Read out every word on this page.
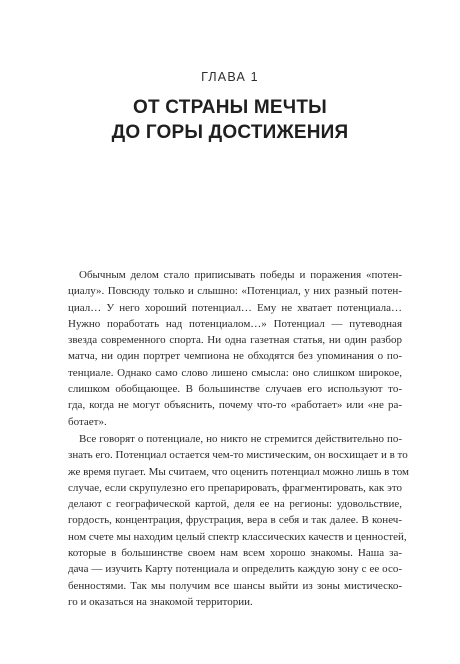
ГЛАВА 1
ОТ СТРАНЫ МЕЧТЫ
ДО ГОРЫ ДОСТИЖЕНИЯ
Обычным делом стало приписывать победы и поражения «потен-
циалу». Повсюду только и слышно: «Потенциал, у них разный потен-
циал… У него хороший потенциал… Ему не хватает потенциала…
Нужно поработать над потенциалом…» Потенциал — путеводная
звезда современного спорта. Ни одна газетная статья, ни один разбор
матча, ни один портрет чемпиона не обходятся без упоминания о по-
тенциале. Однако само слово лишено смысла: оно слишком широкое,
слишком обобщающее. В большинстве случаев его используют то-
гда, когда не могут объяснить, почему что-то «работает» или «не ра-
ботает».
Все говорят о потенциале, но никто не стремится действительно по-
знать его. Потенциал остается чем-то мистическим, он восхищает и в то
же время пугает. Мы считаем, что оценить потенциал можно лишь в том
случае, если скрупулезно его препарировать, фрагментировать, как это
делают с географической картой, деля ее на регионы: удовольствие,
гордость, концентрация, фрустрация, вера в себя и так далее. В конеч-
ном счете мы находим целый спектр классических качеств и ценностей,
которые в большинстве своем нам всем хорошо знакомы. Наша за-
дача — изучить Карту потенциала и определить каждую зону с ее осо-
бенностями. Так мы получим все шансы выйти из зоны мистическо-
го и оказаться на знакомой территории.
